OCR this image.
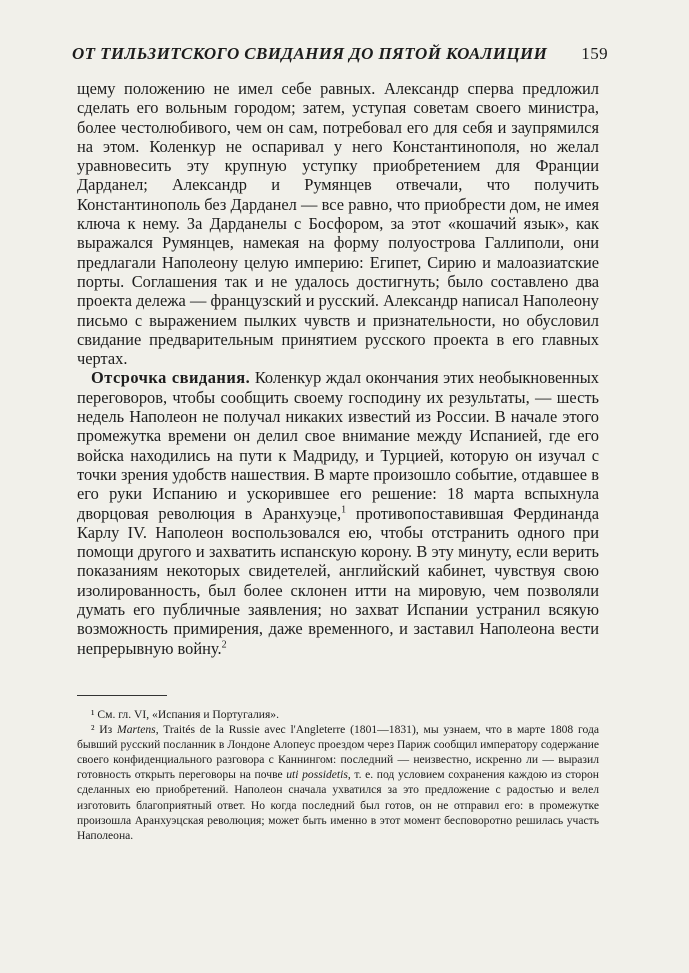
ОТ ТИЛЬЗИТСКОГО СВИДАНИЯ ДО ПЯТОЙ КОАЛИЦИИ 159

щему положению не имел себе равных. Александр сперва предложил сделать его вольным городом; затем, уступая советам своего министра, более честолюбивого, чем он сам, потребовал его для себя и заупрямился на этом. Коленкур не оспаривал у него Константинополя, но желал уравновесить эту крупную уступку приобретением для Франции Дарданел; Александр и Румянцев отвечали, что получить Константинополь без Дарданел — все равно, что приобрести дом, не имея ключа к нему. За Дарданелы с Босфором, за этот «кошачий язык», как выражался Румянцев, намекая на форму полуострова Галлиполи, они предлагали Наполеону целую империю: Египет, Сирию и малоазиатские порты. Соглашения так и не удалось достигнуть; было составлено два проекта дележа — французский и русский. Александр написал Наполеону письмо с выражением пылких чувств и признательности, но обусловил свидание предварительным принятием русского проекта в его главных чертах.

Отсрочка свидания. Коленкур ждал окончания этих необыкновенных переговоров, чтобы сообщить своему господину их результаты, — шесть недель Наполеон не получал никаких известий из России. В начале этого промежутка времени он делил свое внимание между Испанией, где его войска находились на пути к Мадриду, и Турцией, которую он изучал с точки зрения удобств нашествия. В марте произошло событие, отдавшее в его руки Испанию и ускорившее его решение: 18 марта вспыхнула дворцовая революция в Аранхуэце,$^1$ противопоставившая Фердинанда Карлу IV. Наполеон воспользовался ею, чтобы отстранить одного при помощи другого и захватить испанскую корону. В эту минуту, если верить показаниям некоторых свидетелей, английский кабинет, чувствуя свою изолированность, был более склонен итти на мировую, чем позволяли думать его публичные заявления; но захват Испании устранил всякую возможность примирения, даже временного, и заставил Наполеона вести непрерывную войну.$^2$

¹ См. гл. VI, «Испания и Португалия».

² Из Martens, Traités de la Russie avec l'Angleterre (1801—1831), мы узнаем, что в марте 1808 года бывший русский посланник в Лондоне Алопеус проездом через Париж сообщил императору содержание своего конфиденциального разговора с Каннингом: последний — неизвестно, искренно ли — выразил готовность открыть переговоры на почве uti possidetis, т. е. под условием сохранения каждою из сторон сделанных ею приобретений. Наполеон сначала ухватился за это предложение с радостью и велел изготовить благоприятный ответ. Но когда последний был готов, он не отправил его: в промежутке произошла Аранхуэцская революция; может быть именно в этот момент бесповоротно решилась участь Наполеона.
